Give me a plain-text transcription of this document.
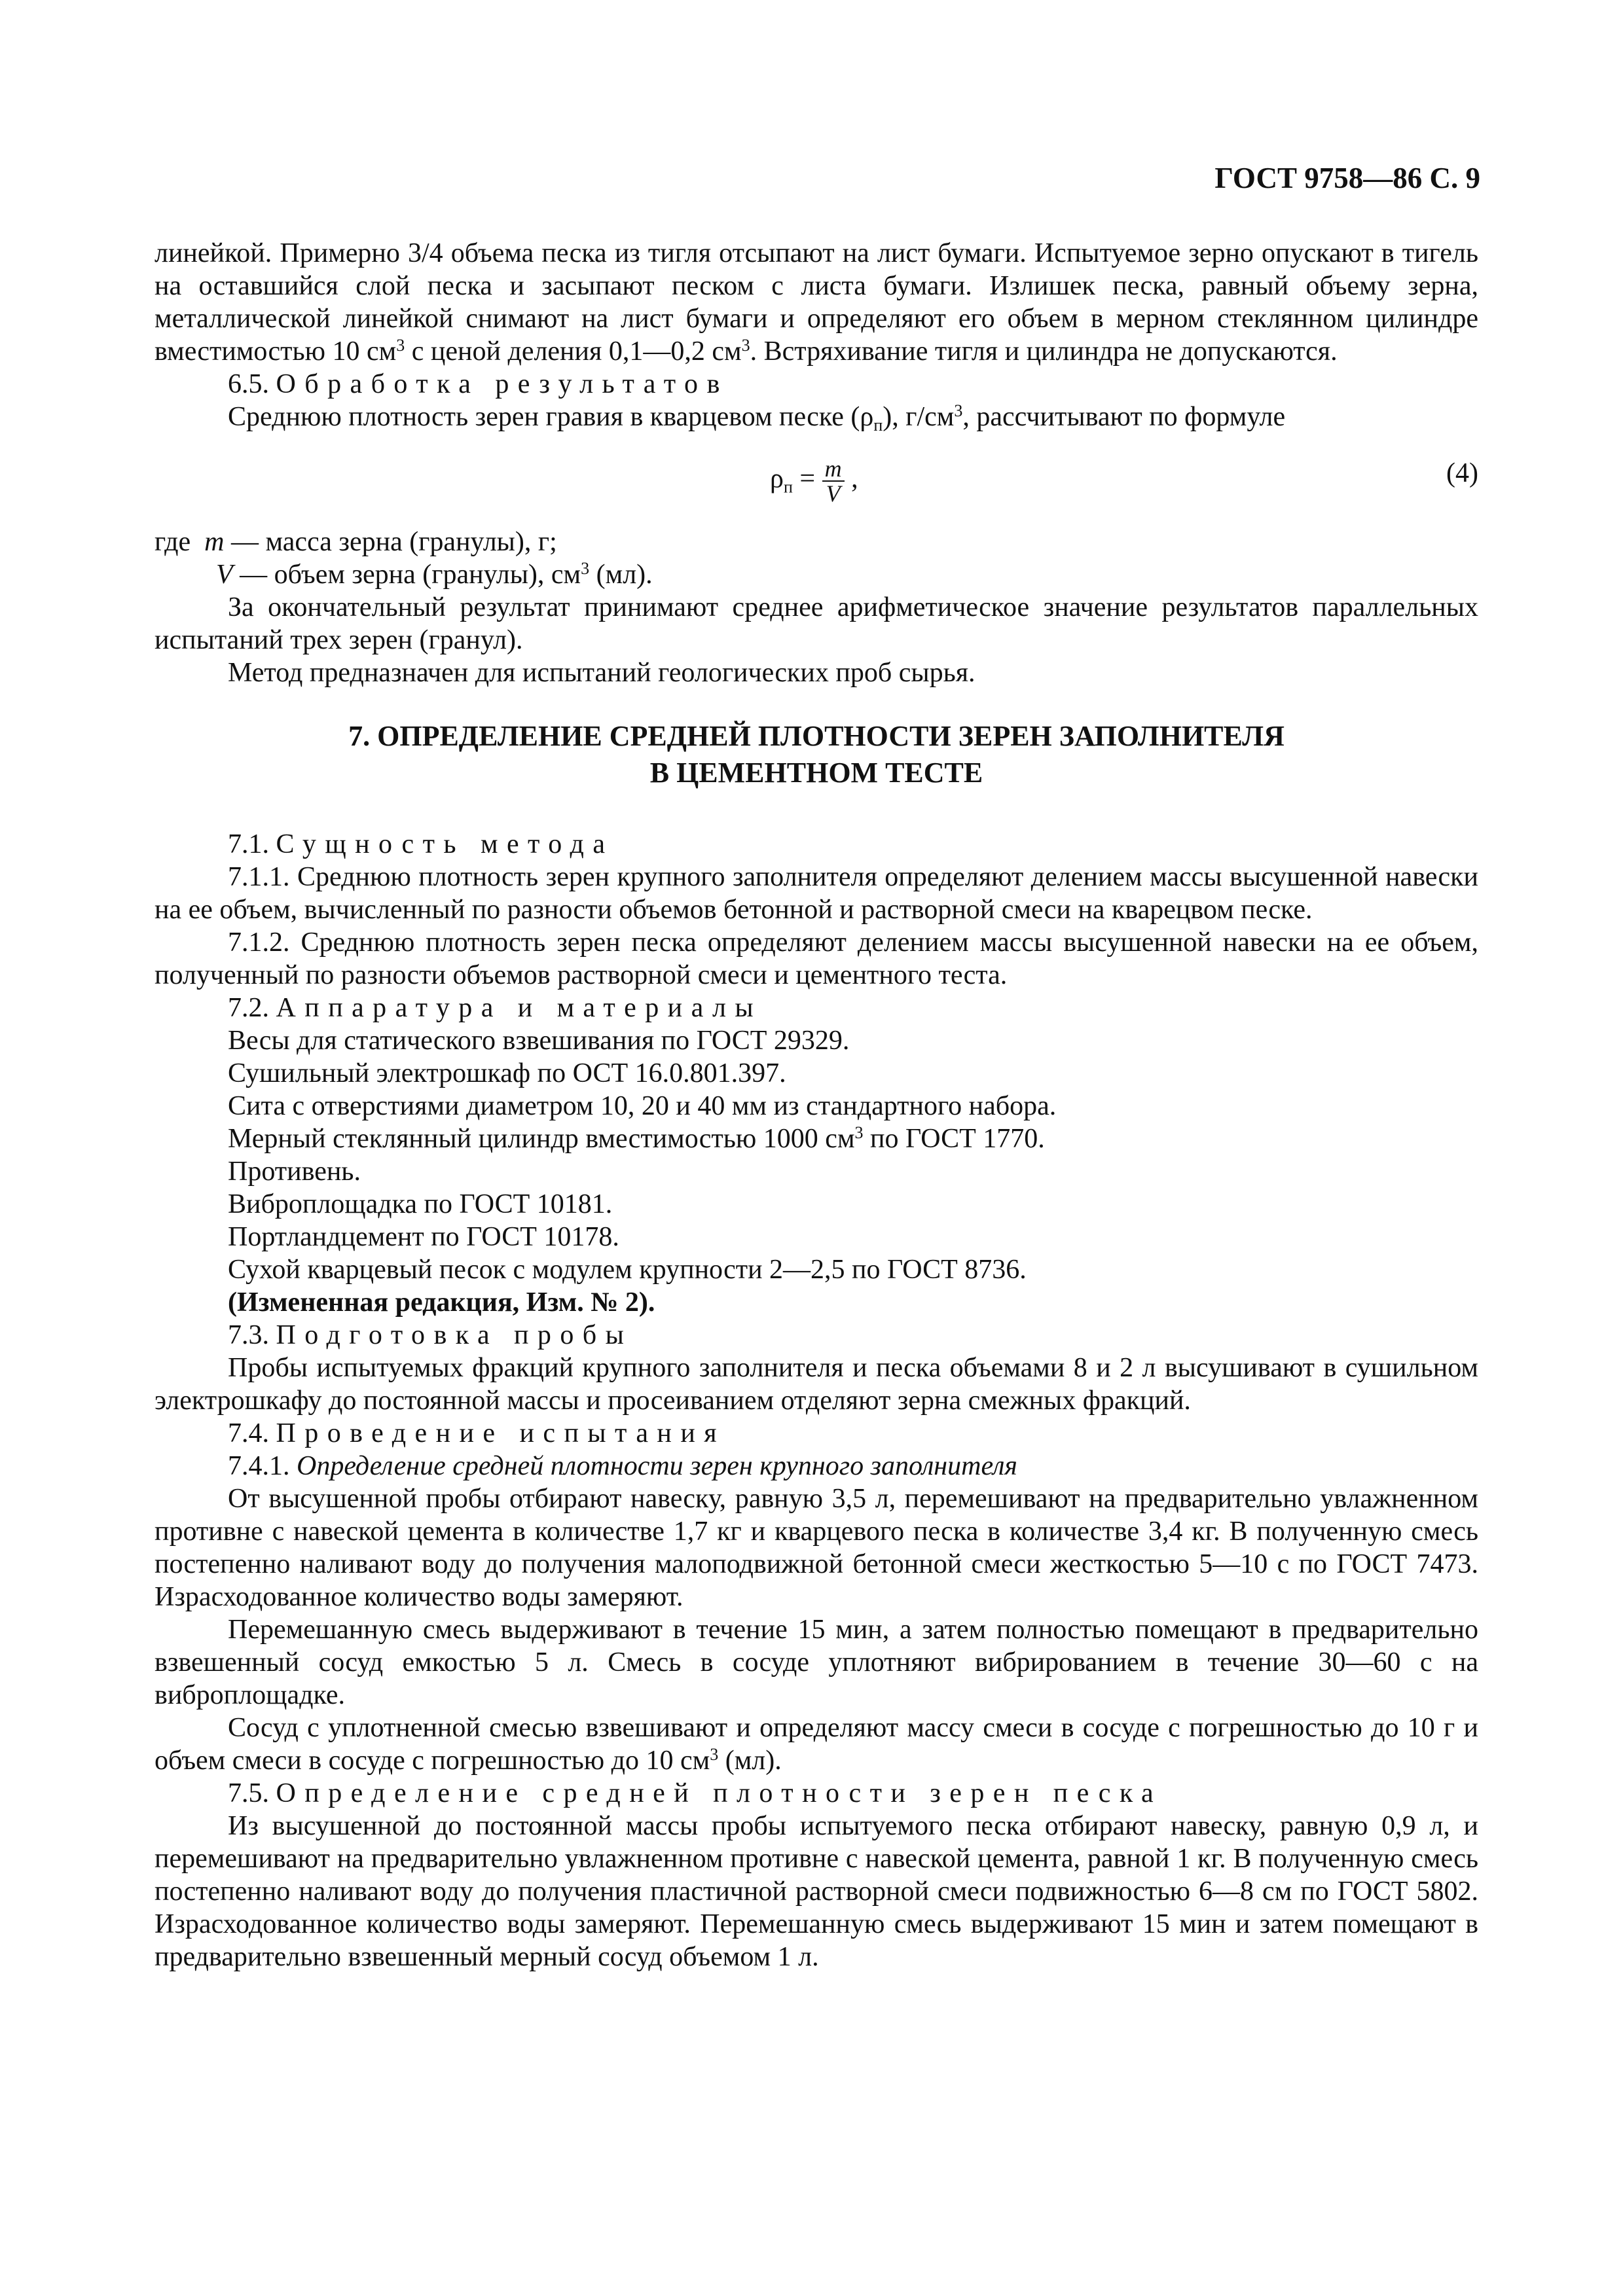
ГОСТ 9758—86 С. 9

линейкой. Примерно 3/4 объема песка из тигля отсыпают на лист бумаги. Испытуемое зерно опускают в тигель на оставшийся слой песка и засыпают песком с листа бумаги. Излишек песка, равный объему зерна, металлической линейкой снимают на лист бумаги и определяют его объем в мерном стеклянном цилиндре вместимостью 10 $см^3$ с ценой деления 0,1—0,2 $см^3$. Встряхивание тигля и цилиндра не допускаются.

6.5. Обработка результатов

Среднюю плотность зерен гравия в кварцевом песке $(\rho_п)$, $г/см^3$, рассчитывают по формуле

$\rho_п = \frac{m}{V}$ ,	(4)

где m — масса зерна (гранулы), г;

V — объем зерна (гранулы), $см^3$ (мл).

За окончательный результат принимают среднее арифметическое значение результатов параллельных испытаний трех зерен (гранул).

Метод предназначен для испытаний геологических проб сырья.

7. ОПРЕДЕЛЕНИЕ СРЕДНЕЙ ПЛОТНОСТИ ЗЕРЕН ЗАПОЛНИТЕЛЯ
В ЦЕМЕНТНОМ ТЕСТЕ

7.1. Сущность метода

7.1.1. Среднюю плотность зерен крупного заполнителя определяют делением массы высушенной навески на ее объем, вычисленный по разности объемов бетонной и растворной смеси на кварецвом песке.

7.1.2. Среднюю плотность зерен песка определяют делением массы высушенной навески на ее объем, полученный по разности объемов растворной смеси и цементного теста.

7.2. Аппаратура и материалы

Весы для статического взвешивания по ГОСТ 29329.

Сушильный электрошкаф по ОСТ 16.0.801.397.

Сита с отверстиями диаметром 10, 20 и 40 мм из стандартного набора.

Мерный стеклянный цилиндр вместимостью 1000 $см^3$ по ГОСТ 1770.

Противень.

Виброплощадка по ГОСТ 10181.

Портландцемент по ГОСТ 10178.

Сухой кварцевый песок с модулем крупности 2—2,5 по ГОСТ 8736.

(Измененная редакция, Изм. № 2).

7.3. Подготовка пробы

Пробы испытуемых фракций крупного заполнителя и песка объемами 8 и 2 л высушивают в сушильном электрошкафу до постоянной массы и просеиванием отделяют зерна смежных фракций.

7.4. Проведение испытания

7.4.1. Определение средней плотности зерен крупного заполнителя

От высушенной пробы отбирают навеску, равную 3,5 л, перемешивают на предварительно увлажненном противне с навеской цемента в количестве 1,7 кг и кварцевого песка в количестве 3,4 кг. В полученную смесь постепенно наливают воду до получения малоподвижной бетонной смеси жесткостью 5—10 с по ГОСТ 7473. Израсходованное количество воды замеряют.

Перемешанную смесь выдерживают в течение 15 мин, а затем полностью помещают в предварительно взвешенный сосуд емкостью 5 л. Смесь в сосуде уплотняют вибрированием в течение 30—60 с на виброплощадке.

Сосуд с уплотненной смесью взвешивают и определяют массу смеси в сосуде с погрешностью до 10 г и объем смеси в сосуде с погрешностью до 10 $см^3$ (мл).

7.5. Определение средней плотности зерен песка

Из высушенной до постоянной массы пробы испытуемого песка отбирают навеску, равную 0,9 л, и перемешивают на предварительно увлажненном противне с навеской цемента, равной 1 кг. В полученную смесь постепенно наливают воду до получения пластичной растворной смеси подвижностью 6—8 см по ГОСТ 5802. Израсходованное количество воды замеряют. Перемешанную смесь выдерживают 15 мин и затем помещают в предварительно взвешенный мерный сосуд объемом 1 л.
